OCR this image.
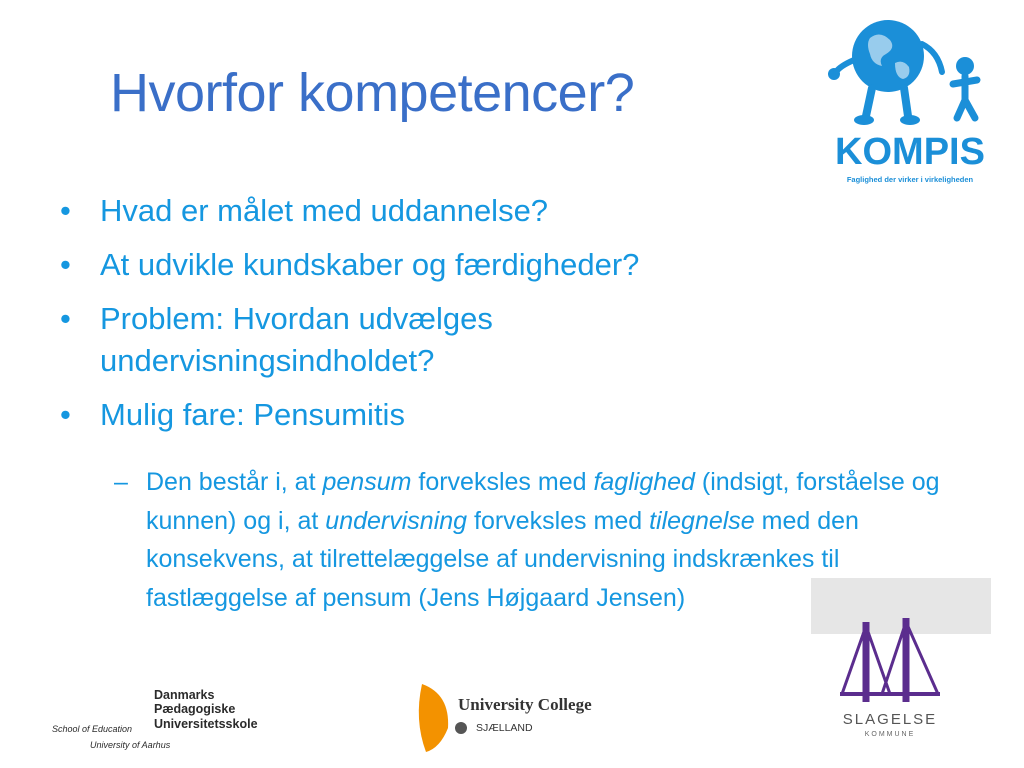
Hvorfor kompetencer?
• Hvad er målet med uddannelse?
• At udvikle kundskaber og færdigheder?
• Problem: Hvordan udvælges undervisningsindholdet?
• Mulig fare: Pensumitis
–
Den består i, at pensum forveksles med faglighed (indsigt, forståelse og kunnen) og i, at undervisning forveksles med tilegnelse med den konsekvens, at tilrettelæggelse af undervisning indskrænkes til fastlæggelse af pensum (Jens Højgaard Jensen)
KOMPIS
Faglighed der virker i virkeligheden
SLAGELSE
KOMMUNE
Danmarks
Pædagogiske
Universitetsskole
School of Education
University of Aarhus
University College
SJÆLLAND
